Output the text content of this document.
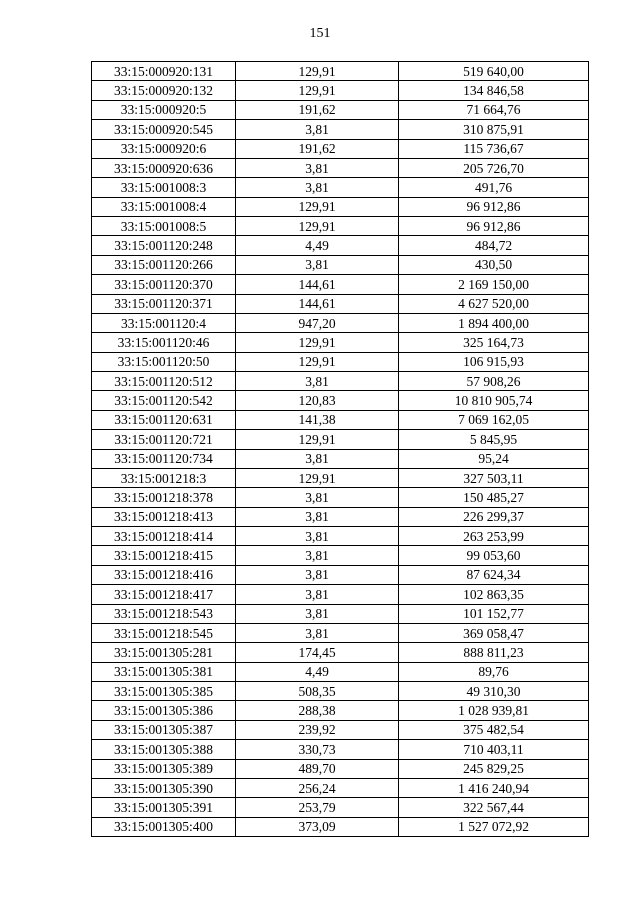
151
33:15:000920:131	129,91	519 640,00
33:15:000920:132	129,91	134 846,58
33:15:000920:5	191,62	71 664,76
33:15:000920:545	3,81	310 875,91
33:15:000920:6	191,62	115 736,67
33:15:000920:636	3,81	205 726,70
33:15:001008:3	3,81	491,76
33:15:001008:4	129,91	96 912,86
33:15:001008:5	129,91	96 912,86
33:15:001120:248	4,49	484,72
33:15:001120:266	3,81	430,50
33:15:001120:370	144,61	2 169 150,00
33:15:001120:371	144,61	4 627 520,00
33:15:001120:4	947,20	1 894 400,00
33:15:001120:46	129,91	325 164,73
33:15:001120:50	129,91	106 915,93
33:15:001120:512	3,81	57 908,26
33:15:001120:542	120,83	10 810 905,74
33:15:001120:631	141,38	7 069 162,05
33:15:001120:721	129,91	5 845,95
33:15:001120:734	3,81	95,24
33:15:001218:3	129,91	327 503,11
33:15:001218:378	3,81	150 485,27
33:15:001218:413	3,81	226 299,37
33:15:001218:414	3,81	263 253,99
33:15:001218:415	3,81	99 053,60
33:15:001218:416	3,81	87 624,34
33:15:001218:417	3,81	102 863,35
33:15:001218:543	3,81	101 152,77
33:15:001218:545	3,81	369 058,47
33:15:001305:281	174,45	888 811,23
33:15:001305:381	4,49	89,76
33:15:001305:385	508,35	49 310,30
33:15:001305:386	288,38	1 028 939,81
33:15:001305:387	239,92	375 482,54
33:15:001305:388	330,73	710 403,11
33:15:001305:389	489,70	245 829,25
33:15:001305:390	256,24	1 416 240,94
33:15:001305:391	253,79	322 567,44
33:15:001305:400	373,09	1 527 072,92
